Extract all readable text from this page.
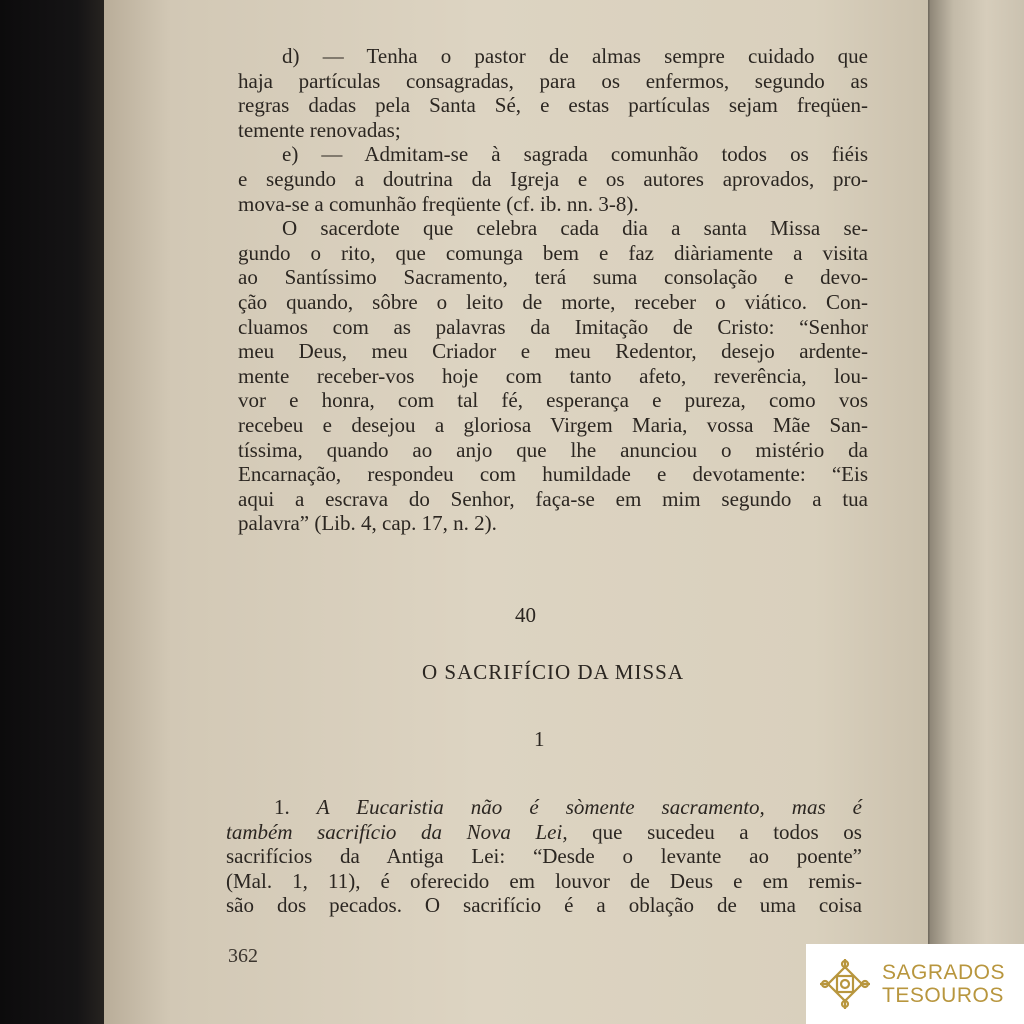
d) — Tenha o pastor de almas sempre cuidado que
haja partículas consagradas, para os enfermos, segundo as
regras dadas pela Santa Sé, e estas partículas sejam freqüen-
temente renovadas;
e) — Admitam-se à sagrada comunhão todos os fiéis
e segundo a doutrina da Igreja e os autores aprovados, pro-
mova-se a comunhão freqüente (cf. ib. nn. 3-8).
O sacerdote que celebra cada dia a santa Missa se-
gundo o rito, que comunga bem e faz diàriamente a visita
ao Santíssimo Sacramento, terá suma consolação e devo-
ção quando, sôbre o leito de morte, receber o viático. Con-
cluamos com as palavras da Imitação de Cristo: “Senhor
meu Deus, meu Criador e meu Redentor, desejo ardente-
mente receber-vos hoje com tanto afeto, reverência, lou-
vor e honra, com tal fé, esperança e pureza, como vos
recebeu e desejou a gloriosa Virgem Maria, vossa Mãe San-
tíssima, quando ao anjo que lhe anunciou o mistério da
Encarnação, respondeu com humildade e devotamente: “Eis
aqui a escrava do Senhor, faça-se em mim segundo a tua
palavra” (Lib. 4, cap. 17, n. 2).
40
O SACRIFÍCIO DA MISSA
1
1. A Eucaristia não é sòmente sacramento, mas é
também sacrifício da Nova Lei, que sucedeu a todos os
sacrifícios da Antiga Lei: “Desde o levante ao poente”
(Mal. 1, 11), é oferecido em louvor de Deus e em remis-
são dos pecados. O sacrifício é a oblação de uma coisa
362
SAGRADOS
TESOUROS
